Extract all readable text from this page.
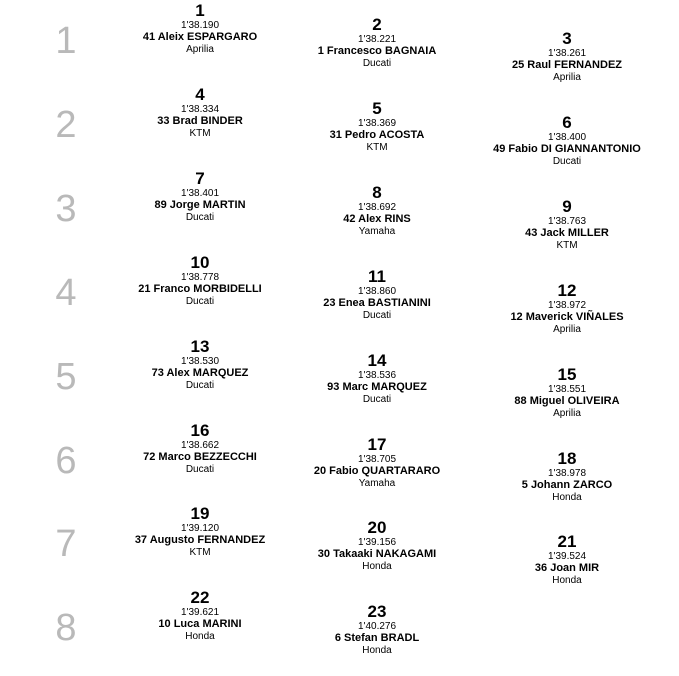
1
1
1'38.190
41 Aleix ESPARGARO
Aprilia
2
1'38.221
1 Francesco BAGNAIA
Ducati
3
1'38.261
25 Raul FERNANDEZ
Aprilia
2
4
1'38.334
33 Brad BINDER
KTM
5
1'38.369
31 Pedro ACOSTA
KTM
6
1'38.400
49 Fabio DI GIANNANTONIO
Ducati
3
7
1'38.401
89 Jorge MARTIN
Ducati
8
1'38.692
42 Alex RINS
Yamaha
9
1'38.763
43 Jack MILLER
KTM
4
10
1'38.778
21 Franco MORBIDELLI
Ducati
11
1'38.860
23 Enea BASTIANINI
Ducati
12
1'38.972
12 Maverick VIÑALES
Aprilia
5
13
1'38.530
73 Alex MARQUEZ
Ducati
14
1'38.536
93 Marc MARQUEZ
Ducati
15
1'38.551
88 Miguel OLIVEIRA
Aprilia
6
16
1'38.662
72 Marco BEZZECCHI
Ducati
17
1'38.705
20 Fabio QUARTARARO
Yamaha
18
1'38.978
5 Johann ZARCO
Honda
7
19
1'39.120
37 Augusto FERNANDEZ
KTM
20
1'39.156
30 Takaaki NAKAGAMI
Honda
21
1'39.524
36 Joan MIR
Honda
8
22
1'39.621
10 Luca MARINI
Honda
23
1'40.276
6 Stefan BRADL
Honda
